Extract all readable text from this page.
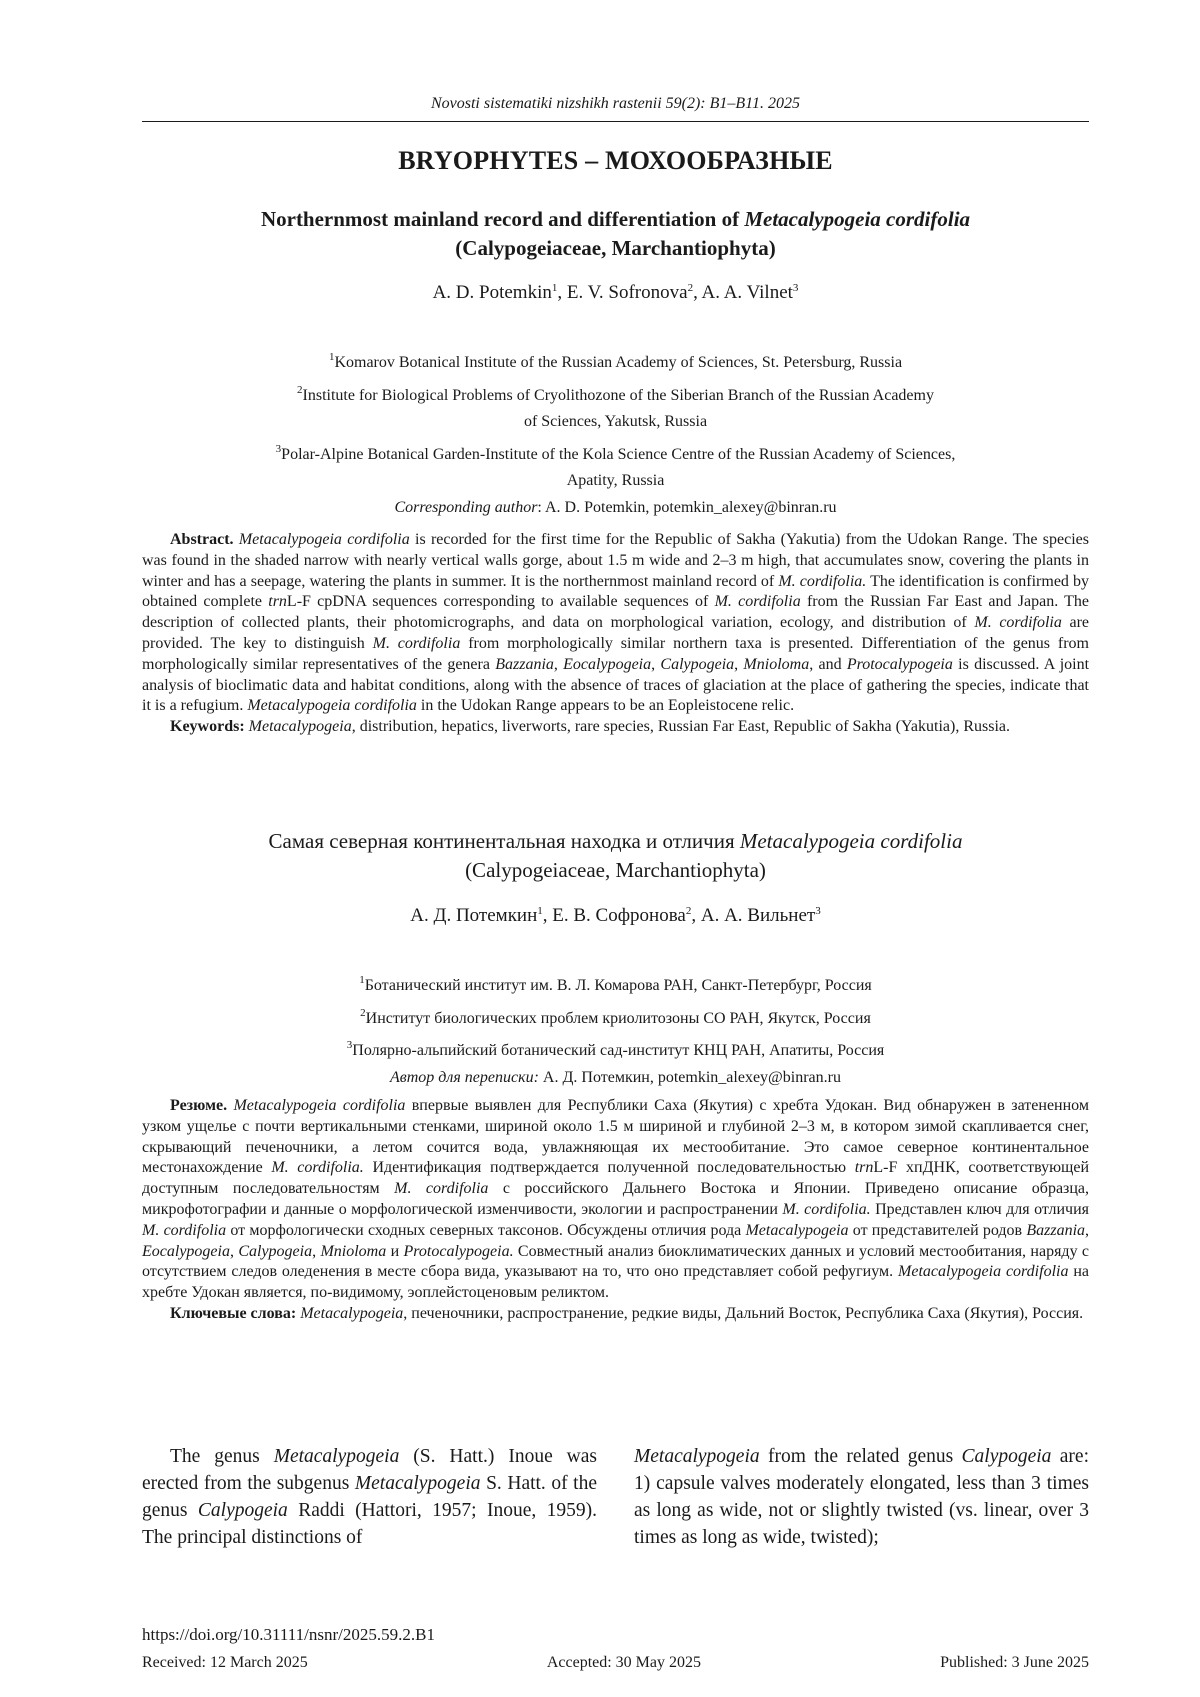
Novosti sistematiki nizshikh rastenii 59(2): B1–B11. 2025
BRYOPHYTES – МОХООБРАЗНЫЕ
Northernmost mainland record and differentiation of Metacalypogeia cordifolia
(Calypogeiaceae, Marchantiophyta)
A. D. Potemkin$^1$, E. V. Sofronova$^2$, A. A. Vilnet$^3$
$^1$Komarov Botanical Institute of the Russian Academy of Sciences, St. Petersburg, Russia
$^2$Institute for Biological Problems of Cryolithozone of the Siberian Branch of the Russian Academy
of Sciences, Yakutsk, Russia
$^3$Polar-Alpine Botanical Garden-Institute of the Kola Science Centre of the Russian Academy of Sciences,
Apatity, Russia
Corresponding author: A. D. Potemkin, potemkin_alexey@binran.ru

Abstract. Metacalypogeia cordifolia is recorded for the first time for the Republic of Sakha (Yakutia) from the Udokan Range. The species was found in the shaded narrow with nearly vertical walls gorge, about 1.5 m wide and 2–3 m high, that accumulates snow, covering the plants in winter and has a seepage, watering the plants in summer. It is the northernmost mainland record of M. cordifolia. The identification is confirmed by obtained complete trnL-F cpDNA sequences corresponding to available sequences of M. cordifolia from the Russian Far East and Japan. The description of collected plants, their photomicrographs, and data on morphological variation, ecology, and distribution of M. cordifolia are provided. The key to distinguish M. cordifolia from morphologically similar northern taxa is presented. Differentiation of the genus from morphologically similar representatives of the genera Bazzania, Eocalypogeia, Calypogeia, Mnioloma, and Protocalypogeia is discussed. A joint analysis of bioclimatic data and habitat conditions, along with the absence of traces of glaciation at the place of gathering the species, indicate that it is a refugium. Metacalypogeia cordifolia in the Udokan Range appears to be an Eopleistocene relic.

Keywords: Metacalypogeia, distribution, hepatics, liverworts, rare species, Russian Far East, Republic of Sakha (Yakutia), Russia.

Самая северная континентальная находка и отличия Metacalypogeia cordifolia
(Calypogeiaceae, Marchantiophyta)
А. Д. Потемкин$^1$, Е. В. Софронова$^2$, А. А. Вильнет$^3$
$^1$Ботанический институт им. В. Л. Комарова РАН, Санкт-Петербург, Россия
$^2$Институт биологических проблем криолитозоны СО РАН, Якутск, Россия
$^3$Полярно-альпийский ботанический сад-институт КНЦ РАН, Апатиты, Россия
Автор для переписки: А. Д. Потемкин, potemkin_alexey@binran.ru

Резюме. Metacalypogeia cordifolia впервые выявлен для Республики Саха (Якутия) с хребта Удокан. Вид обнаружен в затененном узком ущелье с почти вертикальными стенками, шириной около 1.5 м шириной и глубиной 2–3 м, в котором зимой скапливается снег, скрывающий печеночники, а летом сочится вода, увлажняющая их местообитание. Это самое северное континентальное местонахождение M. cordifolia. Идентификация подтверждается полученной последовательностью trnL-F хпДНК, соответствующей доступным последовательностям M. cordifolia с российского Дальнего Востока и Японии. Приведено описание образца, микрофотографии и данные о морфологической изменчивости, экологии и распространении M. cordifolia. Представлен ключ для отличия M. cordifolia от морфологически сходных северных таксонов. Обсуждены отличия рода Metacalypogeia от представителей родов Bazzania, Eocalypogeia, Calypogeia, Mnioloma и Protocalypogeia. Совместный анализ биоклиматических данных и условий местообитания, наряду с отсутствием следов оледенения в месте сбора вида, указывают на то, что оно представляет собой рефугиум. Metacalypogeia cordifolia на хребте Удокан является, по-видимому, эоплейстоценовым реликтом.

Ключевые слова: Metacalypogeia, печеночники, распространение, редкие виды, Дальний Восток, Республика Саха (Якутия), Россия.

The genus Metacalypogeia (S. Hatt.) Inoue was erected from the subgenus Metacalypogeia S. Hatt. of the genus Calypogeia Raddi (Hattori, 1957; Inoue, 1959). The principal distinctions of

Metacalypogeia from the related genus Calypogeia are: 1) capsule valves moderately elongated, less than 3 times as long as wide, not or slightly twisted (vs. linear, over 3 times as long as wide, twisted);

https://doi.org/10.31111/nsnr/2025.59.2.B1
Received: 12 March 2025	Accepted: 30 May 2025	Published: 3 June 2025
